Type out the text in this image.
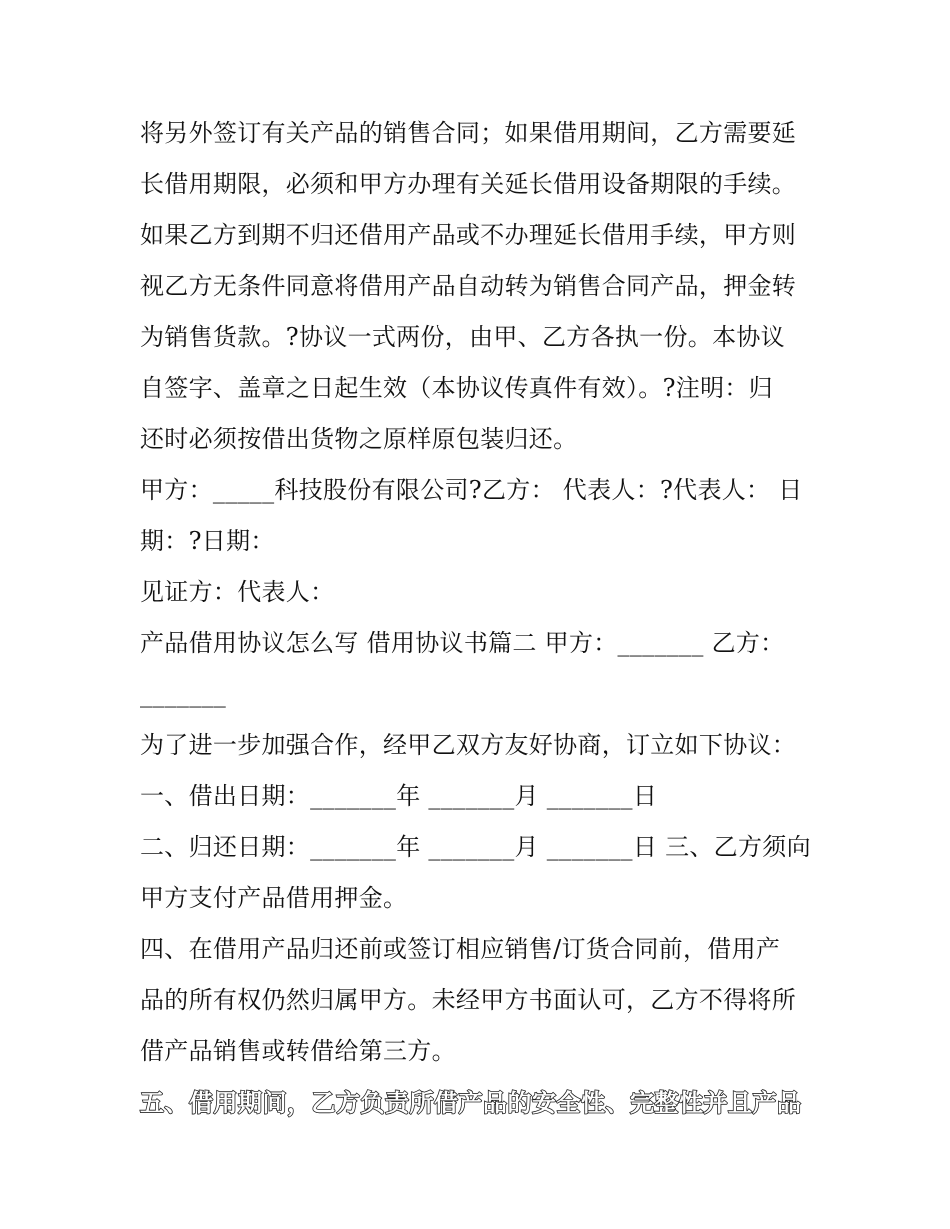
将另外签订有关产品的销售合同；如果借用期间，乙方需要延
长借用期限，必须和甲方办理有关延长借用设备期限的手续。
如果乙方到期不归还借用产品或不办理延长借用手续，甲方则
视乙方无条件同意将借用产品自动转为销售合同产品，押金转
为销售货款。?协议一式两份，由甲、乙方各执一份。本协议
自签字、盖章之日起生效（本协议传真件有效）。?注明：归
还时必须按借出货物之原样原包装归还。
甲方：_____科技股份有限公司?乙方： 代表人：?代表人： 日
期：?日期：
见证方：代表人：
产品借用协议怎么写 借用协议书篇二 甲方：_______ 乙方：
_______
为了进一步加强合作，经甲乙双方友好协商，订立如下协议：
一、借出日期：_______年 _______月 _______日
二、归还日期：_______年 _______月 _______日 三、乙方须向
甲方支付产品借用押金。
四、在借用产品归还前或签订相应销售/订货合同前，借用产
品的所有权仍然归属甲方。未经甲方书面认可，乙方不得将所
借产品销售或转借给第三方。
五、借用期间，乙方负责所借产品的安全性、完整性并且产品
